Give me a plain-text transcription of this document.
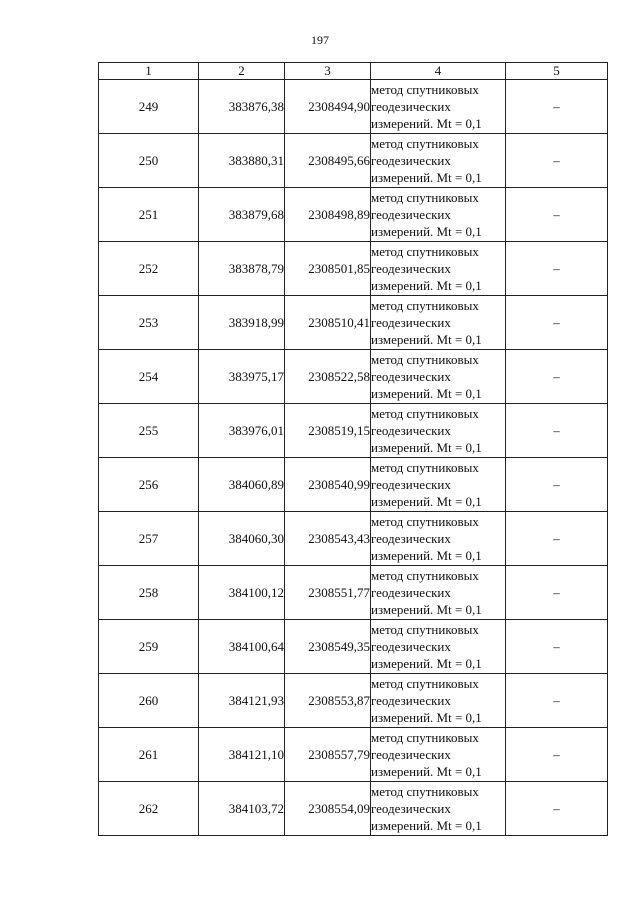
197
1	2	3	4	5
249	383876,38	2308494,90	метод спутниковых
геодезических
измерений. Mt = 0,1	–
250	383880,31	2308495,66	метод спутниковых
геодезических
измерений. Mt = 0,1	–
251	383879,68	2308498,89	метод спутниковых
геодезических
измерений. Mt = 0,1	–
252	383878,79	2308501,85	метод спутниковых
геодезических
измерений. Mt = 0,1	–
253	383918,99	2308510,41	метод спутниковых
геодезических
измерений. Mt = 0,1	–
254	383975,17	2308522,58	метод спутниковых
геодезических
измерений. Mt = 0,1	–
255	383976,01	2308519,15	метод спутниковых
геодезических
измерений. Mt = 0,1	–
256	384060,89	2308540,99	метод спутниковых
геодезических
измерений. Mt = 0,1	–
257	384060,30	2308543,43	метод спутниковых
геодезических
измерений. Mt = 0,1	–
258	384100,12	2308551,77	метод спутниковых
геодезических
измерений. Mt = 0,1	–
259	384100,64	2308549,35	метод спутниковых
геодезических
измерений. Mt = 0,1	–
260	384121,93	2308553,87	метод спутниковых
геодезических
измерений. Mt = 0,1	–
261	384121,10	2308557,79	метод спутниковых
геодезических
измерений. Mt = 0,1	–
262	384103,72	2308554,09	метод спутниковых
геодезических
измерений. Mt = 0,1	–
